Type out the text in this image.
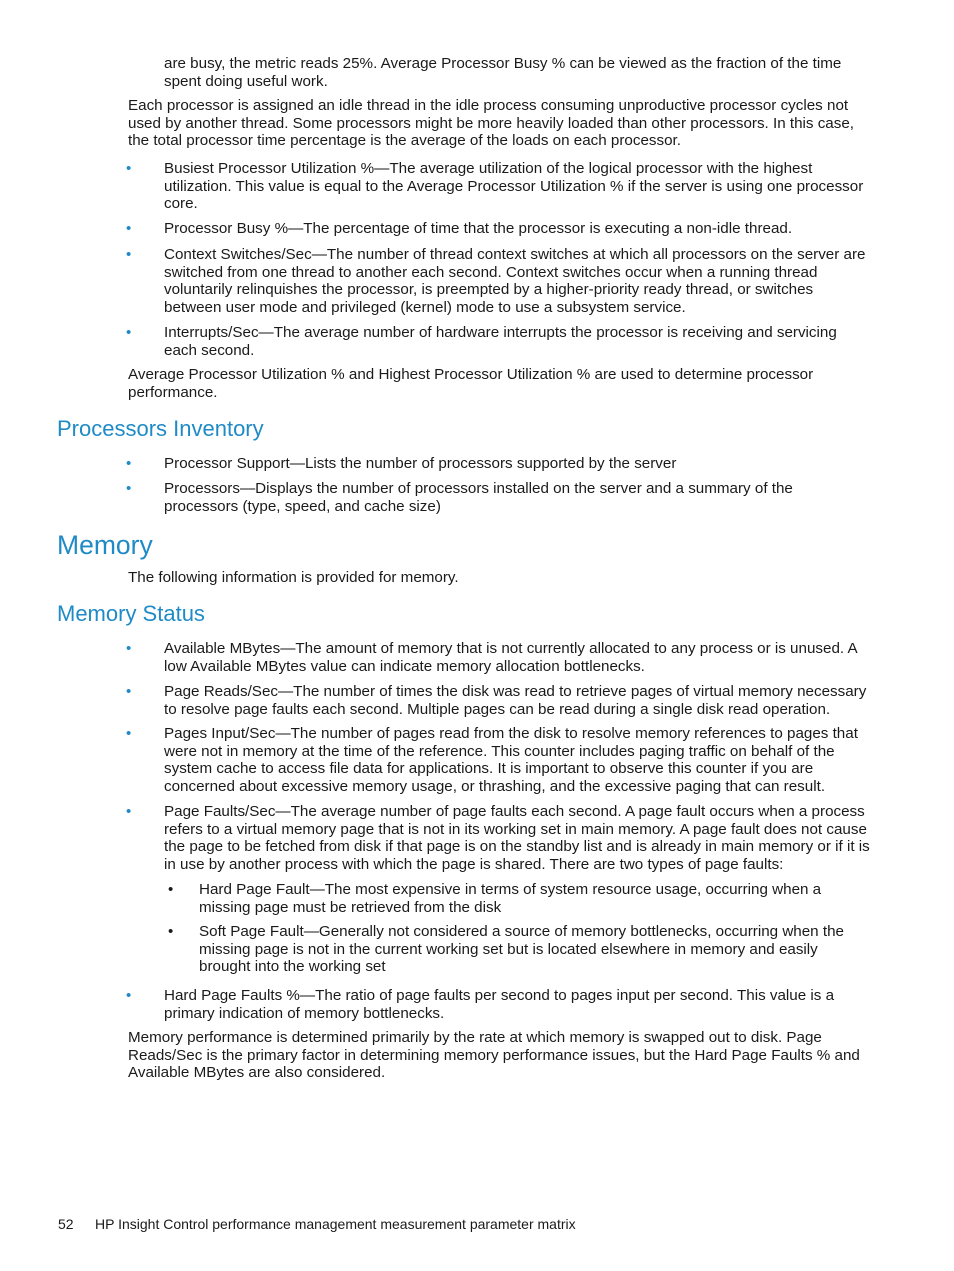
are busy, the metric reads 25%. Average Processor Busy % can be viewed as the fraction of the time spent doing useful work.

Each processor is assigned an idle thread in the idle process consuming unproductive processor cycles not used by another thread. Some processors might be more heavily loaded than other processors. In this case, the total processor time percentage is the average of the loads on each processor.

• Busiest Processor Utilization %—The average utilization of the logical processor with the highest utilization. This value is equal to the Average Processor Utilization % if the server is using one processor core.
• Processor Busy %—The percentage of time that the processor is executing a non-idle thread.
• Context Switches/Sec—The number of thread context switches at which all processors on the server are switched from one thread to another each second. Context switches occur when a running thread voluntarily relinquishes the processor, is preempted by a higher-priority ready thread, or switches between user mode and privileged (kernel) mode to use a subsystem service.
• Interrupts/Sec—The average number of hardware interrupts the processor is receiving and servicing each second.

Average Processor Utilization % and Highest Processor Utilization % are used to determine processor performance.

Processors Inventory
• Processor Support—Lists the number of processors supported by the server
• Processors—Displays the number of processors installed on the server and a summary of the processors (type, speed, and cache size)
Memory

The following information is provided for memory.

Memory Status
• Available MBytes—The amount of memory that is not currently allocated to any process or is unused. A low Available MBytes value can indicate memory allocation bottlenecks.
• Page Reads/Sec—The number of times the disk was read to retrieve pages of virtual memory necessary to resolve page faults each second. Multiple pages can be read during a single disk read operation.
• Pages Input/Sec—The number of pages read from the disk to resolve memory references to pages that were not in memory at the time of the reference. This counter includes paging traffic on behalf of the system cache to access file data for applications. It is important to observe this counter if you are concerned about excessive memory usage, or thrashing, and the excessive paging that can result.
• Page Faults/Sec—The average number of page faults each second. A page fault occurs when a process refers to a virtual memory page that is not in its working set in main memory. A page fault does not cause the page to be fetched from disk if that page is on the standby list and is already in main memory or if it is in use by another process with which the page is shared. There are two types of page faults:
• Hard Page Fault—The most expensive in terms of system resource usage, occurring when a missing page must be retrieved from the disk
• Soft Page Fault—Generally not considered a source of memory bottlenecks, occurring when the missing page is not in the current working set but is located elsewhere in memory and easily brought into the working set
• Hard Page Faults %—The ratio of page faults per second to pages input per second. This value is a primary indication of memory bottlenecks.

Memory performance is determined primarily by the rate at which memory is swapped out to disk. Page Reads/Sec is the primary factor in determining memory performance issues, but the Hard Page Faults % and Available MBytes are also considered.

52 HP Insight Control performance management measurement parameter matrix
